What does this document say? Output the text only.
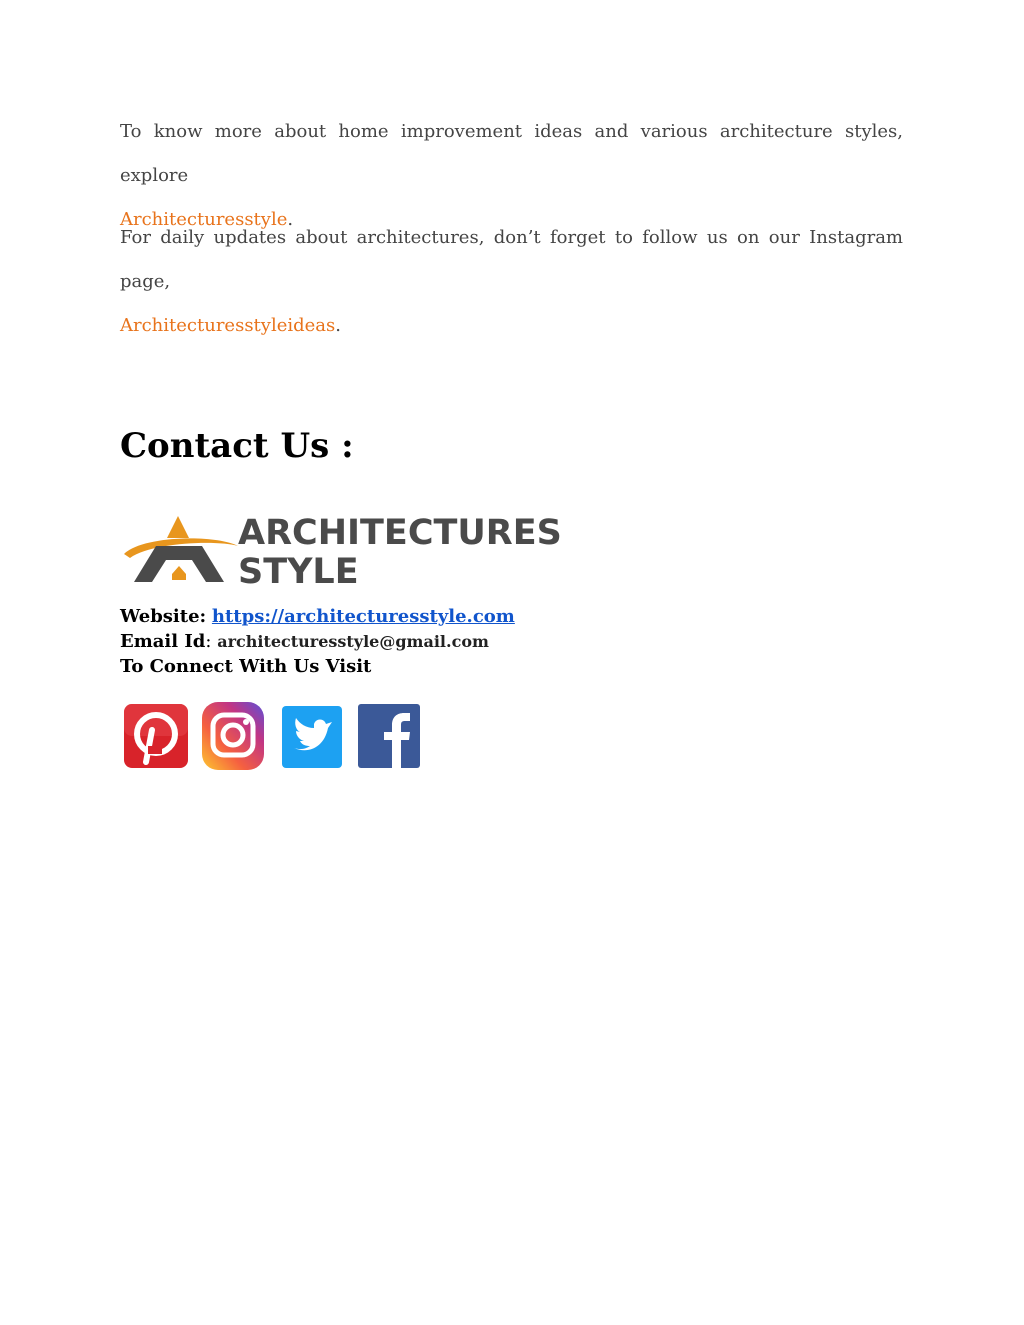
To know more about home improvement ideas and various architecture styles, explore
Architecturesstyle.

For daily updates about architectures, don’t forget to follow us on our Instagram page,
Architecturesstyleideas.

Contact Us :
ARCHITECTURES
STYLE
Website: https://architecturesstyle.com
Email Id: architecturesstyle@gmail.com
To Connect With Us Visit
